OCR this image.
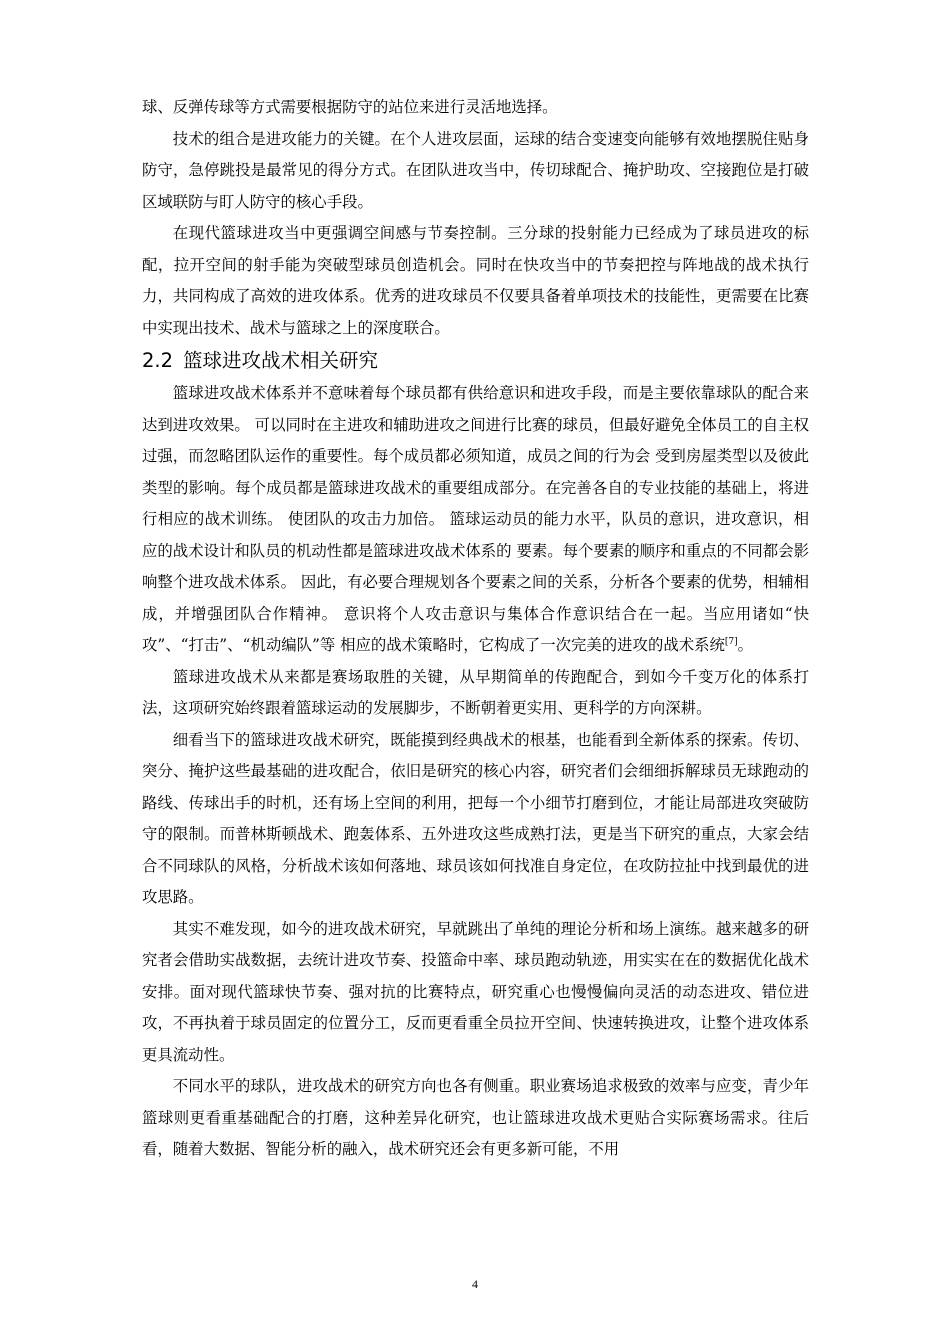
球、反弹传球等方式需要根据防守的站位来进行灵活地选择。

技术的组合是进攻能力的关键。在个人进攻层面，运球的结合变速变向能够有效地摆脱住贴身防守，急停跳投是最常见的得分方式。在团队进攻当中，传切球配合、掩护助攻、空接跑位是打破区域联防与盯人防守的核心手段。

在现代篮球进攻当中更强调空间感与节奏控制。三分球的投射能力已经成为了球员进攻的标配，拉开空间的射手能为突破型球员创造机会。同时在快攻当中的节奏把控与阵地战的战术执行力，共同构成了高效的进攻体系。优秀的进攻球员不仅要具备着单项技术的技能性，更需要在比赛中实现出技术、战术与篮球之上的深度联合。

2.2 篮球进攻战术相关研究

篮球进攻战术体系并不意味着每个球员都有供给意识和进攻手段，而是主要依靠球队的配合来达到进攻效果。 可以同时在主进攻和辅助进攻之间进行比赛的球员，但最好避免全体员工的自主权过强，而忽略团队运作的重要性。每个成员都必须知道，成员之间的行为会 受到房屋类型以及彼此类型的影响。每个成员都是篮球进攻战术的重要组成部分。在完善各自的专业技能的基础上，将进行相应的战术训练。 使团队的攻击力加倍。 篮球运动员的能力水平，队员的意识，进攻意识，相应的战术设计和队员的机动性都是篮球进攻战术体系的 要素。每个要素的顺序和重点的不同都会影响整个进攻战术体系。 因此，有必要合理规划各个要素之间的关系，分析各个要素的优势，相辅相成，并增强团队合作精神。 意识将个人攻击意识与集体合作意识结合在一起。当应用诸如“快攻”、“打击”、“机动编队”等 相应的战术策略时，它构成了一次完美的进攻的战术系统[7]。

篮球进攻战术从来都是赛场取胜的关键，从早期简单的传跑配合，到如今千变万化的体系打法，这项研究始终跟着篮球运动的发展脚步，不断朝着更实用、更科学的方向深耕。

细看当下的篮球进攻战术研究，既能摸到经典战术的根基，也能看到全新体系的探索。传切、突分、掩护这些最基础的进攻配合，依旧是研究的核心内容，研究者们会细细拆解球员无球跑动的路线、传球出手的时机，还有场上空间的利用，把每一个小细节打磨到位，才能让局部进攻突破防守的限制。而普林斯顿战术、跑轰体系、五外进攻这些成熟打法，更是当下研究的重点，大家会结合不同球队的风格，分析战术该如何落地、球员该如何找准自身定位，在攻防拉扯中找到最优的进攻思路。

其实不难发现，如今的进攻战术研究，早就跳出了单纯的理论分析和场上演练。越来越多的研究者会借助实战数据，去统计进攻节奏、投篮命中率、球员跑动轨迹，用实实在在的数据优化战术安排。面对现代篮球快节奏、强对抗的比赛特点，研究重心也慢慢偏向灵活的动态进攻、错位进攻，不再执着于球员固定的位置分工，反而更看重全员拉开空间、快速转换进攻，让整个进攻体系更具流动性。

不同水平的球队，进攻战术的研究方向也各有侧重。职业赛场追求极致的效率与应变，青少年篮球则更看重基础配合的打磨，这种差异化研究，也让篮球进攻战术更贴合实际赛场需求。往后看，随着大数据、智能分析的融入，战术研究还会有更多新可能，不用

4
